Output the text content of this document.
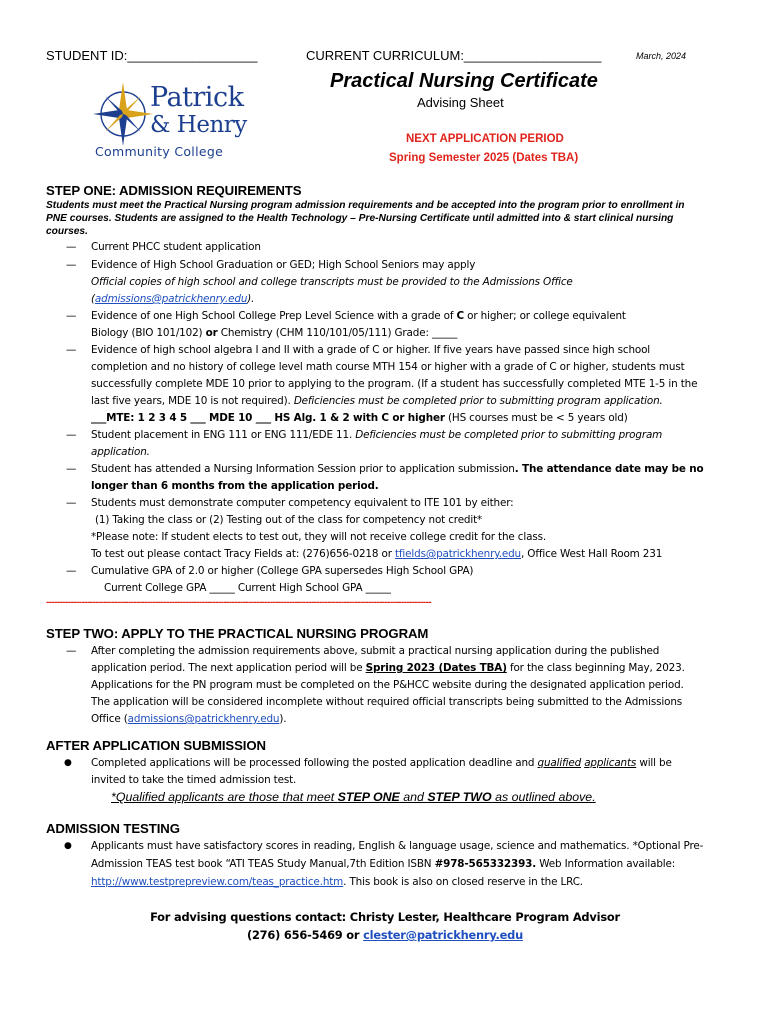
STUDENT ID:__________________	CURRENT CURRICULUM:___________________	March, 2024
Patrick
& Henry
Community College
Practical Nursing Certificate
Advising Sheet
NEXT APPLICATION PERIOD
Spring Semester 2025 (Dates TBA)
STEP ONE: ADMISSION REQUIREMENTS
Students must meet the Practical Nursing program admission requirements and be accepted into the program prior to enrollment in
PNE courses. Students are assigned to the Health Technology – Pre-Nursing Certificate until admitted into & start clinical nursing
courses.
— Current PHCC student application
— Evidence of High School Graduation or GED; High School Seniors may apply
Official copies of high school and college transcripts must be provided to the Admissions Office
(admissions@patrickhenry.edu).
— Evidence of one High School College Prep Level Science with a grade of C or higher; or college equivalent
Biology (BIO 101/102) or Chemistry (CHM 110/101/05/111) Grade: _____
— Evidence of high school algebra I and II with a grade of C or higher. If five years have passed since high school
completion and no history of college level math course MTH 154 or higher with a grade of C or higher, students must
successfully complete MDE 10 prior to applying to the program. (If a student has successfully completed MTE 1-5 in the
last five years, MDE 10 is not required). Deficiencies must be completed prior to submitting program application.
___MTE: 1 2 3 4 5 ___ MDE 10 ___ HS Alg. 1 & 2 with C or higher (HS courses must be < 5 years old)
— Student placement in ENG 111 or ENG 111/EDE 11. Deficiencies must be completed prior to submitting program
application.
— Student has attended a Nursing Information Session prior to application submission. The attendance date may be no
longer than 6 months from the application period.
— Students must demonstrate computer competency equivalent to ITE 101 by either:
(1) Taking the class or (2) Testing out of the class for competency not credit*
*Please note: If student elects to test out, they will not receive college credit for the class.
To test out please contact Tracy Fields at: (276)656-0218 or tfields@patrickhenry.edu, Office West Hall Room 231
— Cumulative GPA of 2.0 or higher (College GPA supersedes High School GPA)
Current College GPA _____ Current High School GPA _____
---------------------------------------------------------------------------------------------------------------------------------------------
STEP TWO: APPLY TO THE PRACTICAL NURSING PROGRAM
— After completing the admission requirements above, submit a practical nursing application during the published
application period. The next application period will be Spring 2023 (Dates TBA) for the class beginning May, 2023.
Applications for the PN program must be completed on the P&HCC website during the designated application period.
The application will be considered incomplete without required official transcripts being submitted to the Admissions
Office (admissions@patrickhenry.edu).
AFTER APPLICATION SUBMISSION
● Completed applications will be processed following the posted application deadline and qualified applicants will be
invited to take the timed admission test.
*Qualified applicants are those that meet STEP ONE and STEP TWO as outlined above.
ADMISSION TESTING
● Applicants must have satisfactory scores in reading, English & language usage, science and mathematics. *Optional Pre-
Admission TEAS test book “ATI TEAS Study Manual,7th Edition ISBN #978-565332393. Web Information available:
http://www.testprepreview.com/teas_practice.htm. This book is also on closed reserve in the LRC.
For advising questions contact: Christy Lester, Healthcare Program Advisor
(276) 656-5469 or clester@patrickhenry.edu
